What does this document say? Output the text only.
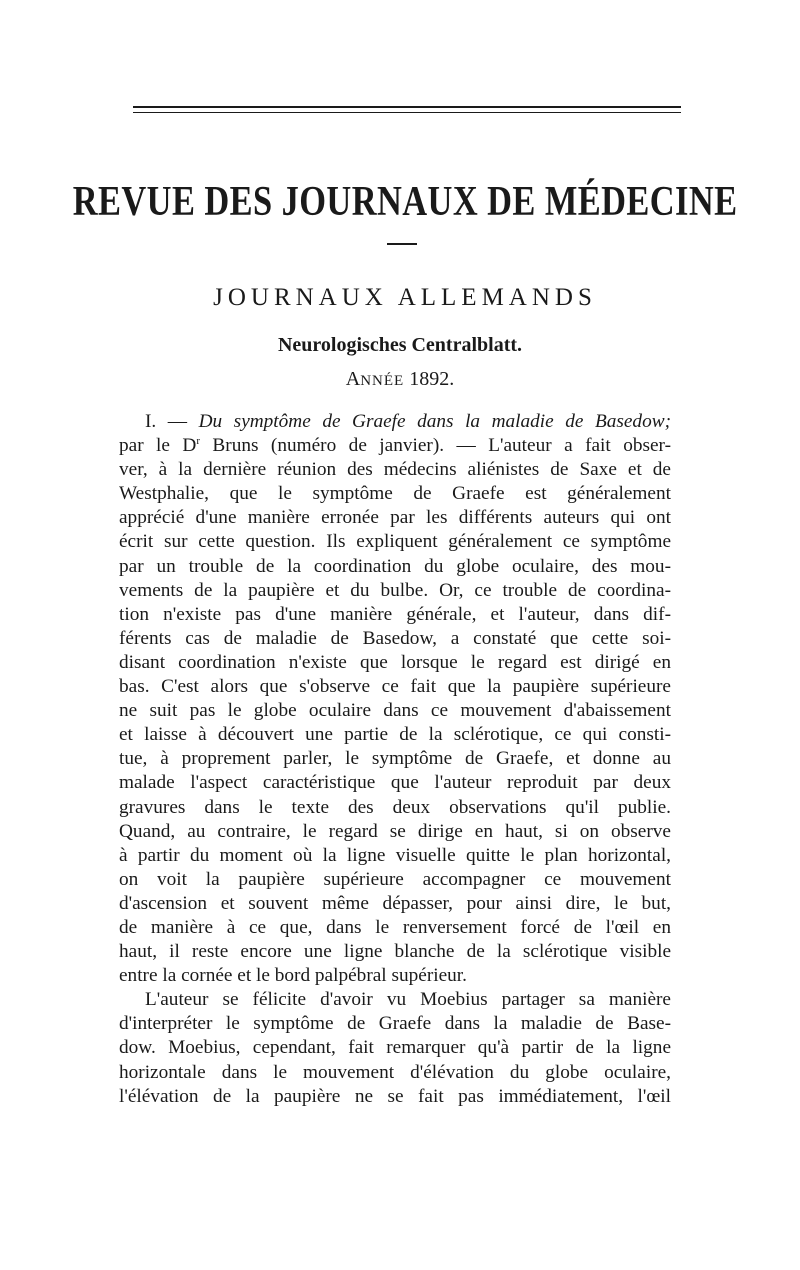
REVUE DES JOURNAUX DE MÉDECINE
JOURNAUX ALLEMANDS
Neurologisches Centralblatt.
ANNÉE 1892.
I. — Du symptôme de Graefe dans la maladie de Basedow;
par le $D^r$ Bruns (numéro de janvier). — L'auteur a fait obser-
ver, à la dernière réunion des médecins aliénistes de Saxe et de
Westphalie, que le symptôme de Graefe est généralement
apprécié d'une manière erronée par les différents auteurs qui ont
écrit sur cette question. Ils expliquent généralement ce symptôme
par un trouble de la coordination du globe oculaire, des mou-
vements de la paupière et du bulbe. Or, ce trouble de coordina-
tion n'existe pas d'une manière générale, et l'auteur, dans dif-
férents cas de maladie de Basedow, a constaté que cette soi-
disant coordination n'existe que lorsque le regard est dirigé en
bas. C'est alors que s'observe ce fait que la paupière supérieure
ne suit pas le globe oculaire dans ce mouvement d'abaissement
et laisse à découvert une partie de la sclérotique, ce qui consti-
tue, à proprement parler, le symptôme de Graefe, et donne au
malade l'aspect caractéristique que l'auteur reproduit par deux
gravures dans le texte des deux observations qu'il publie.
Quand, au contraire, le regard se dirige en haut, si on observe
à partir du moment où la ligne visuelle quitte le plan horizontal,
on voit la paupière supérieure accompagner ce mouvement
d'ascension et souvent même dépasser, pour ainsi dire, le but,
de manière à ce que, dans le renversement forcé de l'œil en
haut, il reste encore une ligne blanche de la sclérotique visible
entre la cornée et le bord palpébral supérieur.
L'auteur se félicite d'avoir vu Moebius partager sa manière
d'interpréter le symptôme de Graefe dans la maladie de Base-
dow. Moebius, cependant, fait remarquer qu'à partir de la ligne
horizontale dans le mouvement d'élévation du globe oculaire,
l'élévation de la paupière ne se fait pas immédiatement, l'œil
